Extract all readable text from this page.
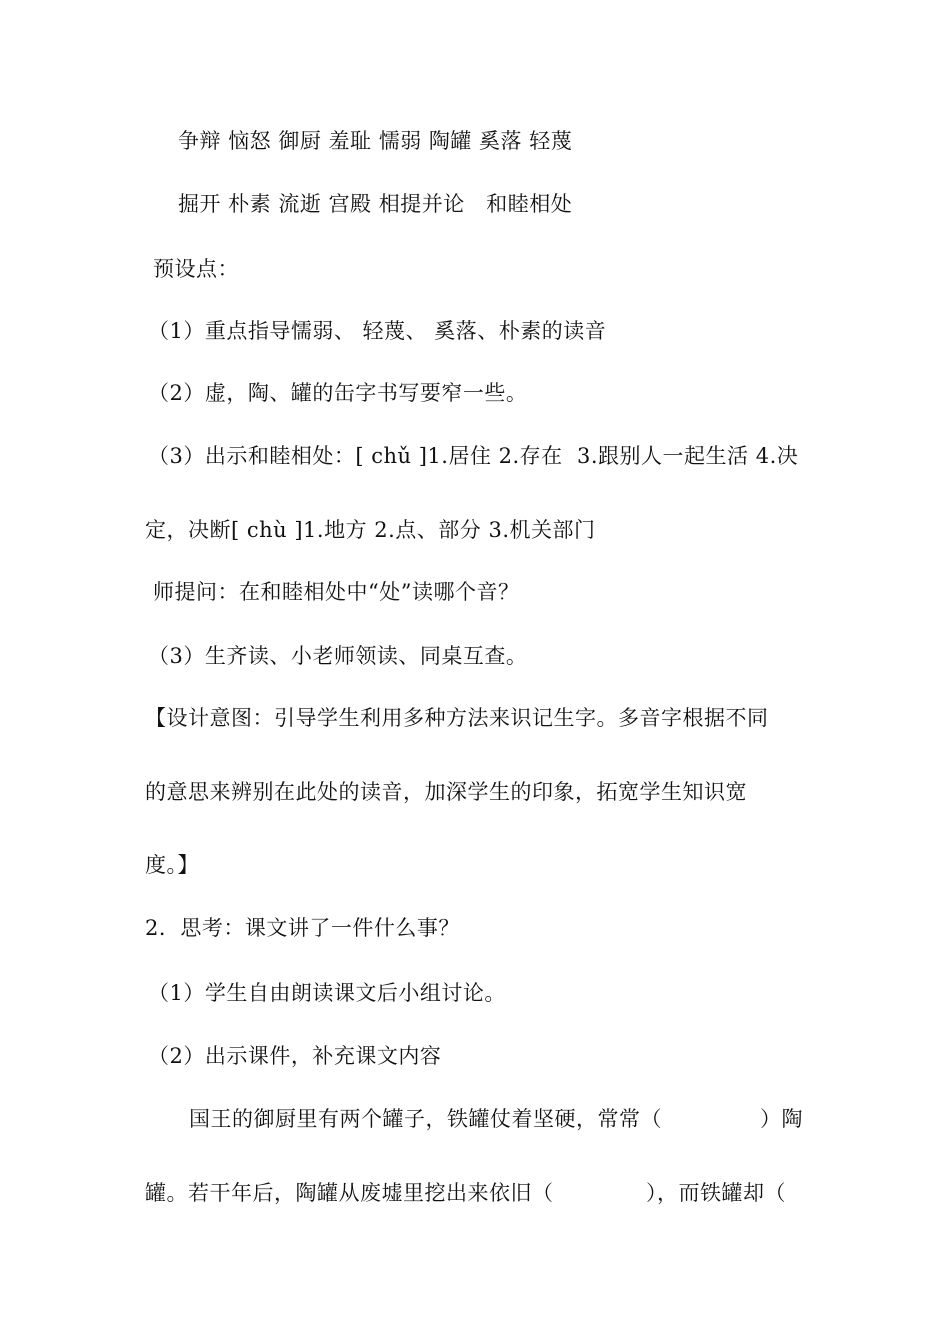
争辩 恼怒 御厨 羞耻 懦弱 陶罐 奚落 轻蔑
掘开 朴素 流逝 宫殿 相提并论   和睦相处
预设点：
（1）重点指导懦弱、 轻蔑、 奚落、朴素的读音
（2）虚，陶、罐的缶字书写要窄一些。
（3）出示和睦相处：[ chǔ ]1.居住 2.存在  3.跟别人一起生活 4.决
定，决断[ chù ]1.地方 2.点、部分 3.机关部门
师提问：在和睦相处中“处”读哪个音？
（3）生齐读、小老师领读、同桌互查。
【设计意图：引导学生利用多种方法来识记生字。多音字根据不同
的意思来辨别在此处的读音，加深学生的印象，拓宽学生知识宽
度。】
2．思考：课文讲了一件什么事？
（1）学生自由朗读课文后小组讨论。
（2）出示课件，补充课文内容
国王的御厨里有两个罐子，铁罐仗着坚硬，常常（	）陶
罐。若干年后，陶罐从废墟里挖出来依旧（	），而铁罐却（
